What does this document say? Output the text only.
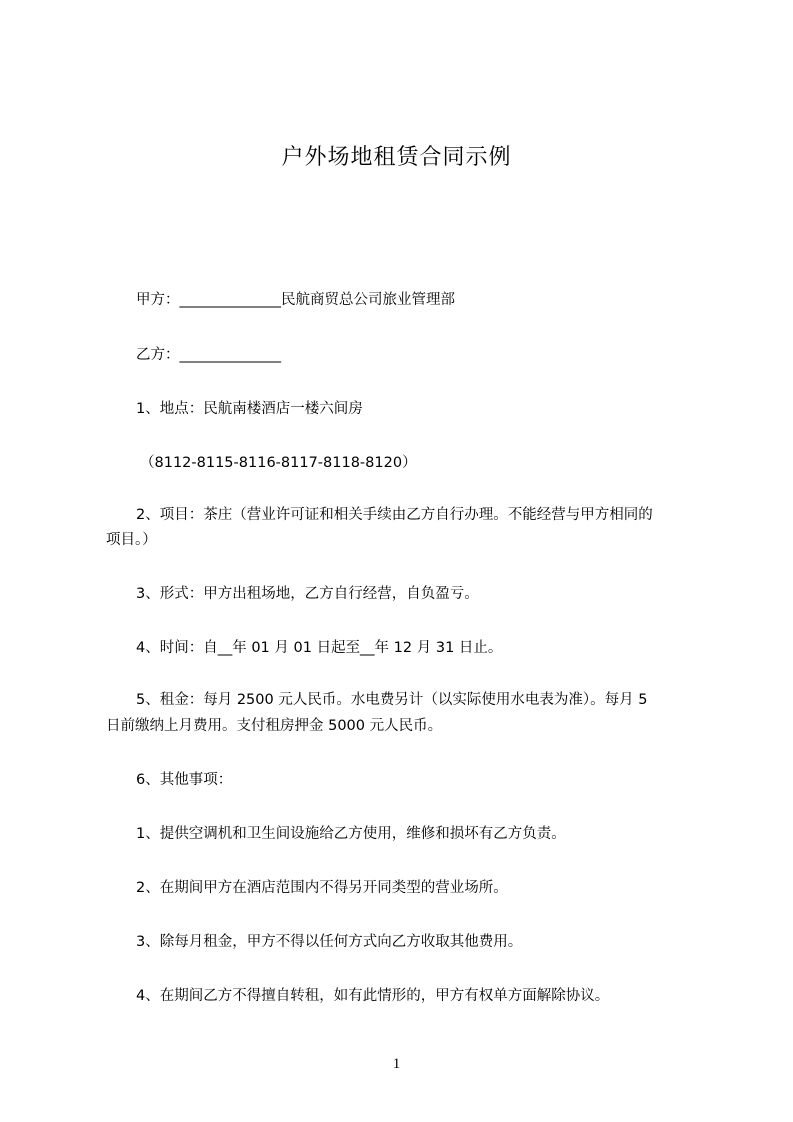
户外场地租赁合同示例
甲方：______________民航商贸总公司旅业管理部
乙方：______________
1、地点：民航南楼酒店一楼六间房
（8112-8115-8116-8117-8118-8120）
2、项目：茶庄（营业许可证和相关手续由乙方自行办理。不能经营与甲方相同的
项目。）
3、形式：甲方出租场地，乙方自行经营，自负盈亏。
4、时间：自__年 01 月 01 日起至__年 12 月 31 日止。
5、租金：每月 2500 元人民币。水电费另计（以实际使用水电表为准）。每月 5
日前缴纳上月费用。支付租房押金 5000 元人民币。
6、其他事项：
1、提供空调机和卫生间设施给乙方使用，维修和损坏有乙方负责。
2、在期间甲方在酒店范围内不得另开同类型的营业场所。
3、除每月租金，甲方不得以任何方式向乙方收取其他费用。
4、在期间乙方不得擅自转租，如有此情形的，甲方有权单方面解除协议。
1
